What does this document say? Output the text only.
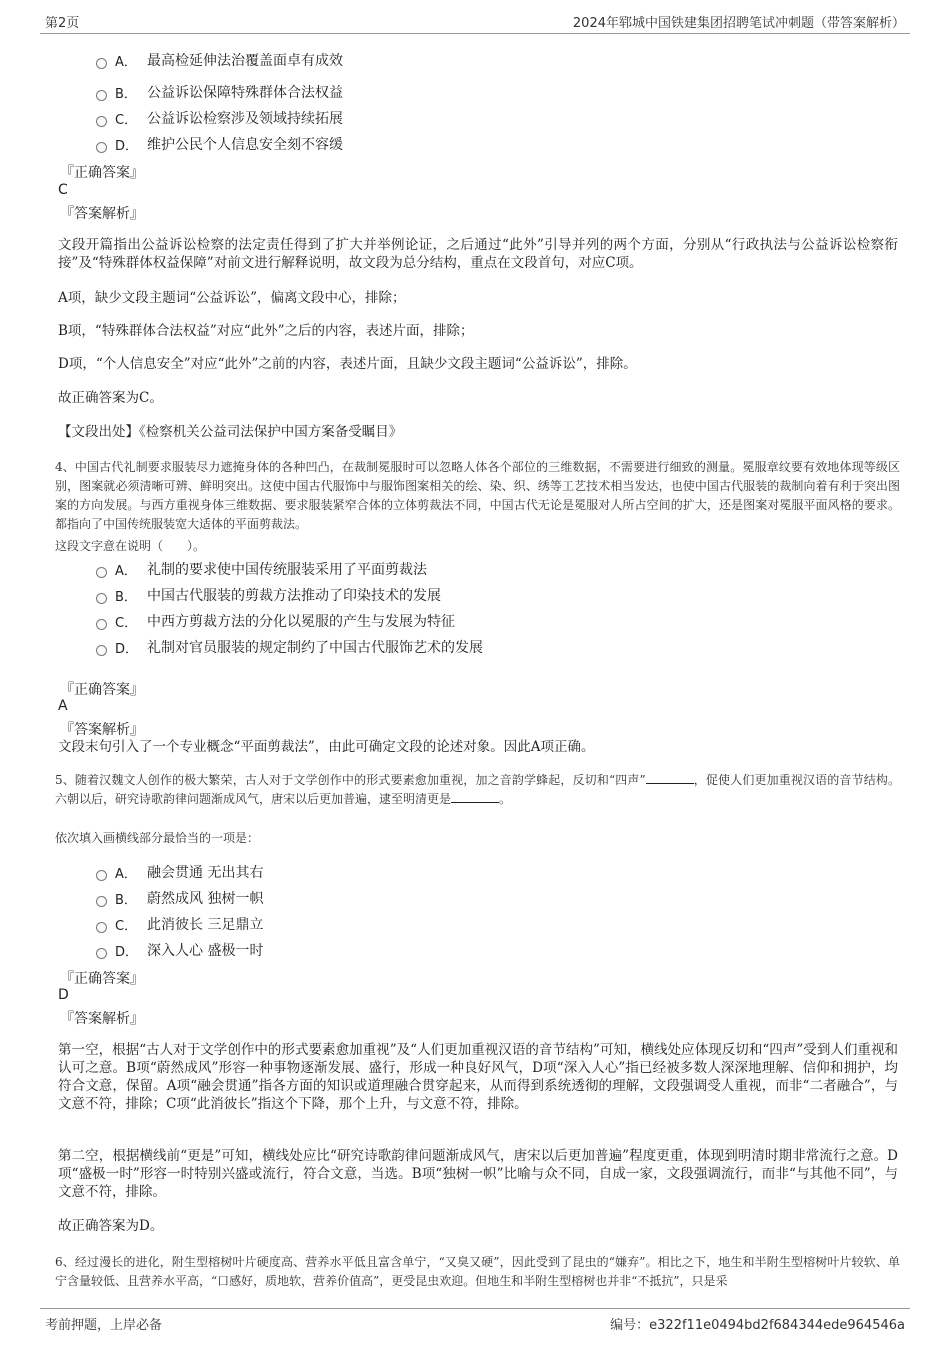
第2页	2024年郓城中国铁建集团招聘笔试冲刺题（带答案解析）
A． 最高检延伸法治覆盖面卓有成效
B． 公益诉讼保障特殊群体合法权益
C． 公益诉讼检察涉及领域持续拓展
D． 维护公民个人信息安全刻不容缓
『正确答案』
C
『答案解析』
文段开篇指出公益诉讼检察的法定责任得到了扩大并举例论证，之后通过“此外”引导并列的两个方面，分别从“行政执法与公益诉讼检察衔接”及“特殊群体权益保障”对前文进行解释说明，故文段为总分结构，重点在文段首句，对应C项。
A项，缺少文段主题词“公益诉讼”，偏离文段中心，排除；
B项，“特殊群体合法权益”对应“此外”之后的内容，表述片面，排除；
D项，“个人信息安全”对应“此外”之前的内容，表述片面，且缺少文段主题词“公益诉讼”，排除。
故正确答案为C。
【文段出处】《检察机关公益司法保护中国方案备受瞩目》
4、中国古代礼制要求服装尽力遮掩身体的各种凹凸，在裁制冕服时可以忽略人体各个部位的三维数据，不需要进行细致的测量。冕服章纹要有效地体现等级区别，图案就必须清晰可辨、鲜明突出。这使中国古代服饰中与服饰图案相关的绘、染、织、绣等工艺技术相当发达，也使中国古代服装的裁制向着有利于突出图案的方向发展。与西方重视身体三维数据、要求服装紧窄合体的立体剪裁法不同，中国古代无论是冕服对人所占空间的扩大，还是图案对冕服平面风格的要求。都指向了中国传统服装宽大适体的平面剪裁法。
这段文字意在说明（　　）。
A． 礼制的要求使中国传统服装采用了平面剪裁法
B． 中国古代服装的剪裁方法推动了印染技术的发展
C． 中西方剪裁方法的分化以冕服的产生与发展为特征
D． 礼制对官员服装的规定制约了中国古代服饰艺术的发展
『正确答案』
A
『答案解析』
文段末句引入了一个专业概念“平面剪裁法”，由此可确定文段的论述对象。因此A项正确。
5、随着汉魏文人创作的极大繁荣，古人对于文学创作中的形式要素愈加重视，加之音韵学蜂起，反切和“四声”	，促使人们更加重视汉语的音节结构。六朝以后，研究诗歌韵律问题渐成风气，唐宋以后更加普遍，逮至明清更是	。
依次填入画横线部分最恰当的一项是：
A． 融会贯通 无出其右
B． 蔚然成风 独树一帜
C． 此消彼长 三足鼎立
D． 深入人心 盛极一时
『正确答案』
D
『答案解析』
第一空，根据“古人对于文学创作中的形式要素愈加重视”及“人们更加重视汉语的音节结构”可知，横线处应体现反切和“四声”受到人们重视和认可之意。B项“蔚然成风”形容一种事物逐渐发展、盛行，形成一种良好风气，D项“深入人心”指已经被多数人深深地理解、信仰和拥护，均符合文意，保留。A项“融会贯通”指各方面的知识或道理融合贯穿起来，从而得到系统透彻的理解，文段强调受人重视，而非“二者融合”，与文意不符，排除；C项“此消彼长”指这个下降，那个上升，与文意不符，排除。
第二空，根据横线前“更是”可知，横线处应比“研究诗歌韵律问题渐成风气，唐宋以后更加普遍”程度更重，体现到明清时期非常流行之意。D项“盛极一时”形容一时特别兴盛或流行，符合文意，当选。B项“独树一帜”比喻与众不同，自成一家，文段强调流行，而非“与其他不同”，与文意不符，排除。
故正确答案为D。
6、经过漫长的进化，附生型榕树叶片硬度高、营养水平低且富含单宁，“又臭又硬”，因此受到了昆虫的“嫌弃”。相比之下，地生和半附生型榕树叶片较软、单宁含量较低、且营养水平高，“口感好，质地软，营养价值高”，更受昆虫欢迎。但地生和半附生型榕树也并非“不抵抗”，只是采
考前押题，上岸必备	编号：e322f11e0494bd2f684344ede964546a
